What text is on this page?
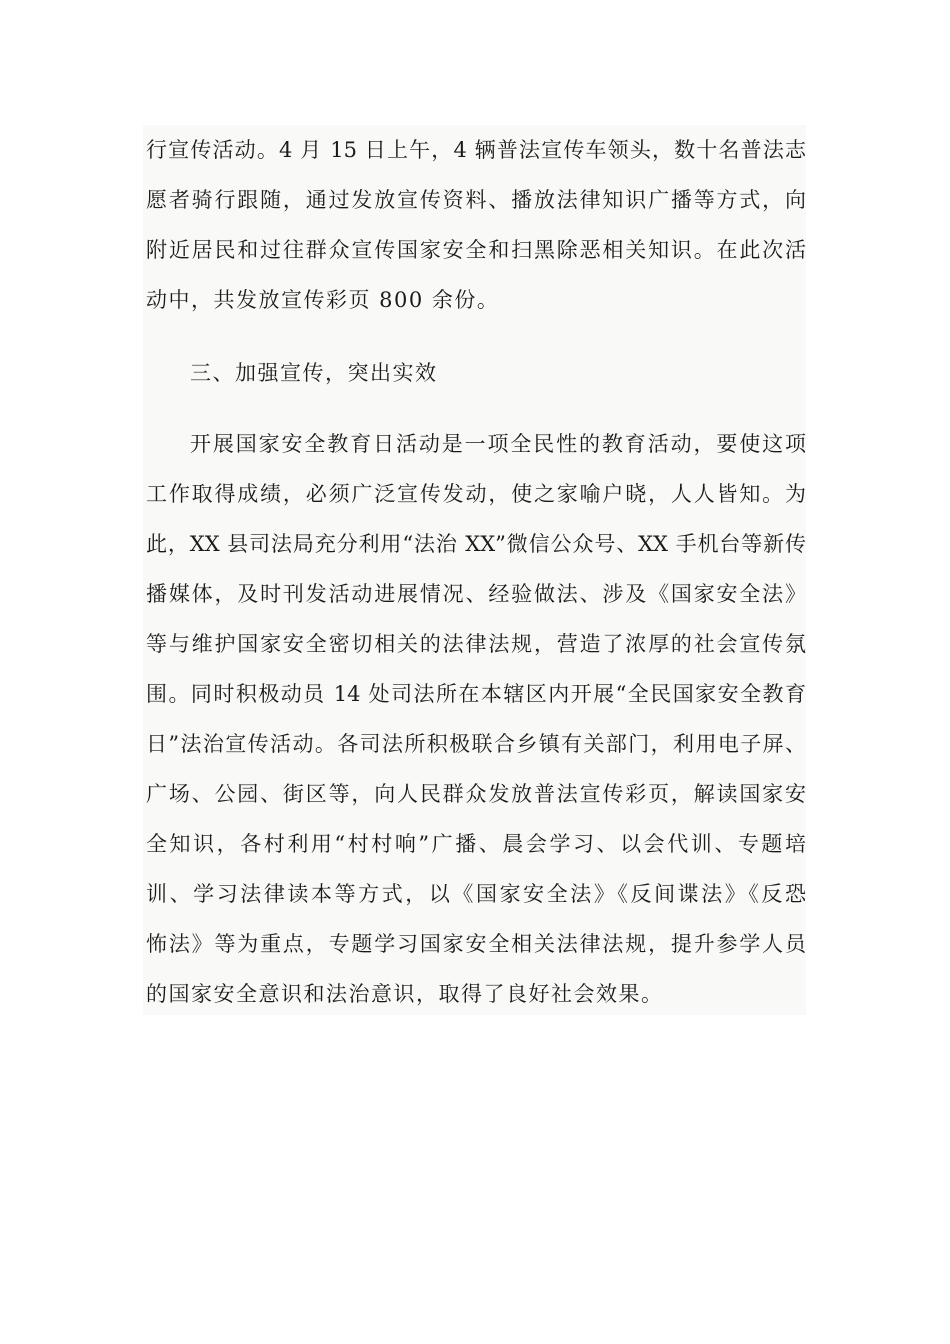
行宣传活动。4 月 15 日上午，4 辆普法宣传车领头，数十名普法志
愿者骑行跟随，通过发放宣传资料、播放法律知识广播等方式，向
附近居民和过往群众宣传国家安全和扫黑除恶相关知识。在此次活
动中，共发放宣传彩页 800 余份。
三、加强宣传，突出实效
开展国家安全教育日活动是一项全民性的教育活动，要使这项
工作取得成绩，必须广泛宣传发动，使之家喻户晓，人人皆知。为
此，XX 县司法局充分利用“法治 XX”微信公众号、XX 手机台等新传
播媒体，及时刊发活动进展情况、经验做法、涉及《国家安全法》
等与维护国家安全密切相关的法律法规，营造了浓厚的社会宣传氛
围。同时积极动员 14 处司法所在本辖区内开展“全民国家安全教育
日”法治宣传活动。各司法所积极联合乡镇有关部门，利用电子屏、
广场、公园、街区等，向人民群众发放普法宣传彩页，解读国家安
全知识，各村利用“村村响”广播、晨会学习、以会代训、专题培
训、学习法律读本等方式，以《国家安全法》《反间谍法》《反恐
怖法》等为重点，专题学习国家安全相关法律法规，提升参学人员
的国家安全意识和法治意识，取得了良好社会效果。
